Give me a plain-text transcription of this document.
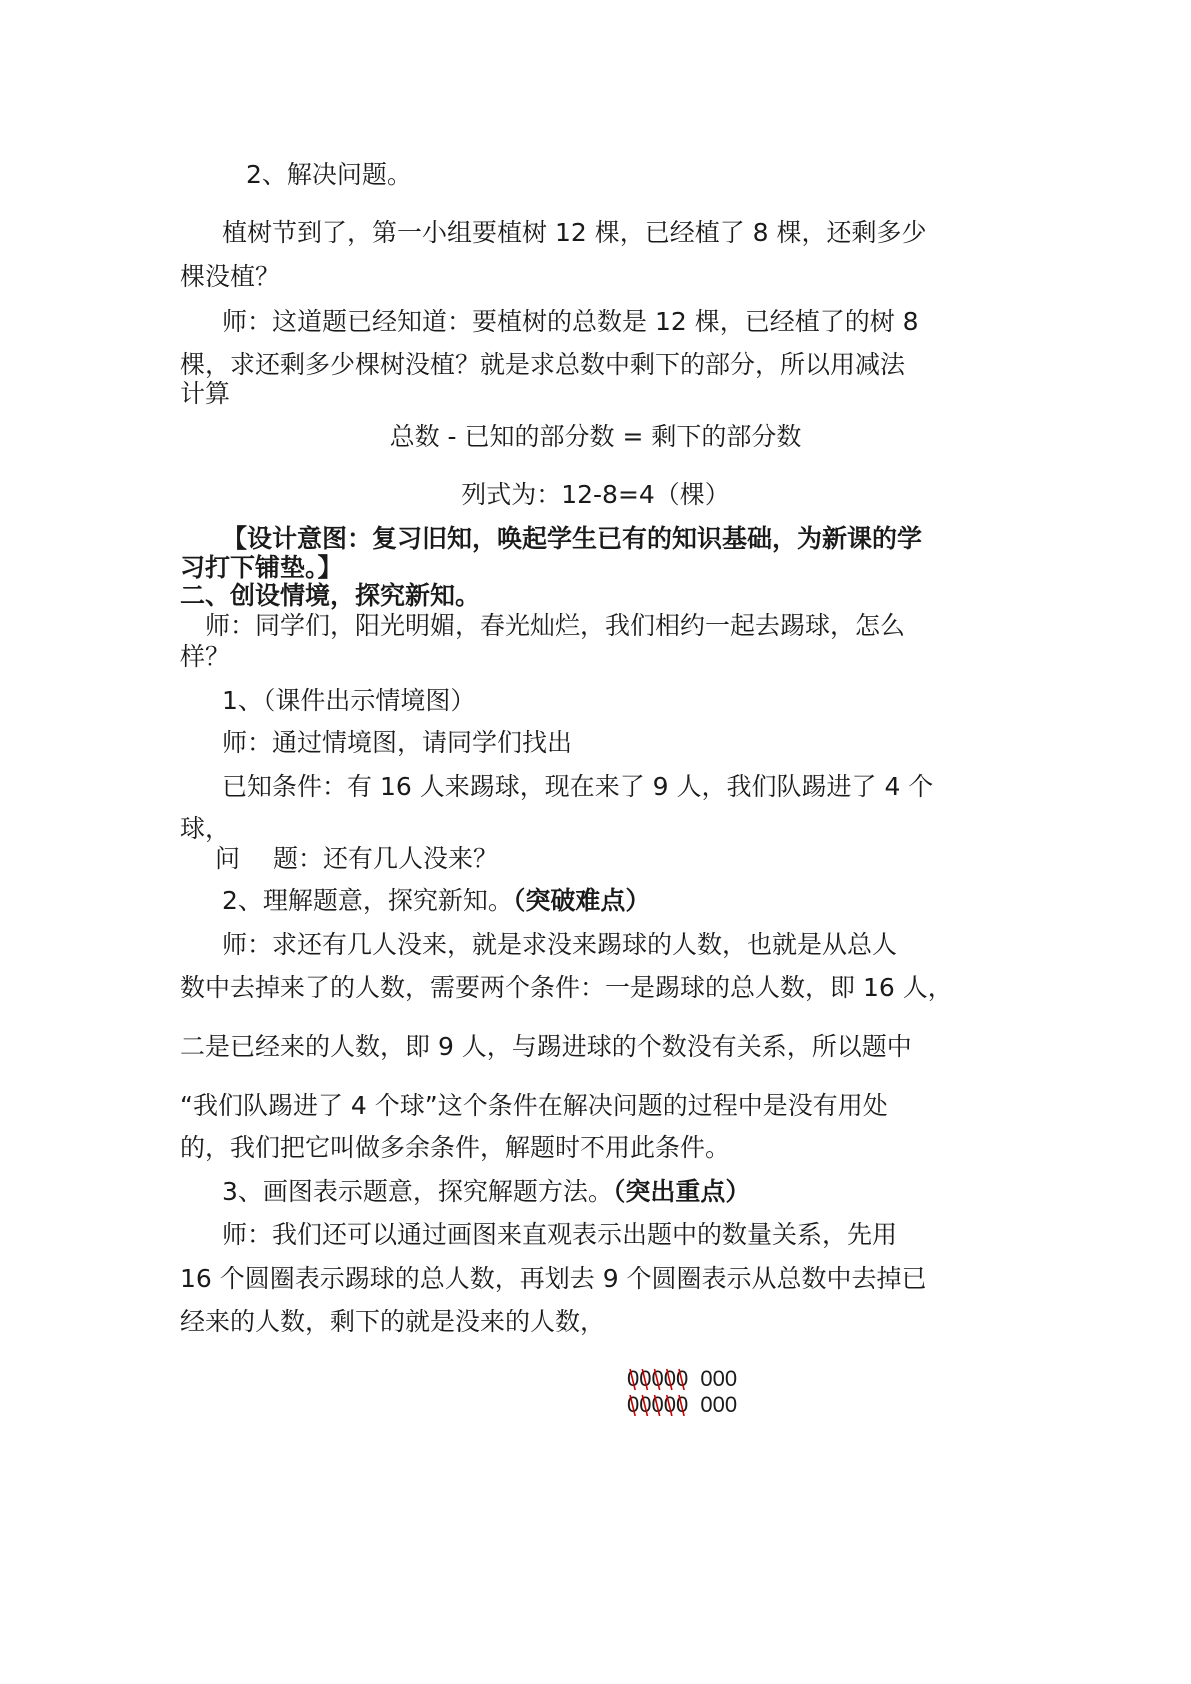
2、解决问题。
植树节到了，第一小组要植树 12 棵，已经植了 8 棵，还剩多少
棵没植？
师：这道题已经知道：要植树的总数是 12 棵，已经植了的树 8
棵，求还剩多少棵树没植？就是求总数中剩下的部分，所以用减法
计算
总数 - 已知的部分数 = 剩下的部分数
列式为：12-8=4（棵）
【设计意图：复习旧知，唤起学生已有的知识基础，为新课的学
习打下铺垫。】
二、创设情境，探究新知。
师：同学们，阳光明媚，春光灿烂，我们相约一起去踢球，怎么
样？
1、（课件出示情境图）
师：通过情境图，请同学们找出
已知条件：有 16 人来踢球，现在来了 9 人，我们队踢进了 4 个
球，
问　 题：还有几人没来？
2、理解题意，探究新知。（突破难点）
师：求还有几人没来，就是求没来踢球的人数，也就是从总人
数中去掉来了的人数，需要两个条件：一是踢球的总人数，即 16 人，
二是已经来的人数，即 9 人，与踢进球的个数没有关系，所以题中
“我们队踢进了 4 个球”这个条件在解决问题的过程中是没有用处
的，我们把它叫做多余条件，解题时不用此条件。
3、画图表示题意，探究解题方法。（突出重点）
师：我们还可以通过画图来直观表示出题中的数量关系，先用
16 个圆圈表示踢球的总人数，再划去 9 个圆圈表示从总数中去掉已
经来的人数，剩下的就是没来的人数，
00000 000
00000 000
